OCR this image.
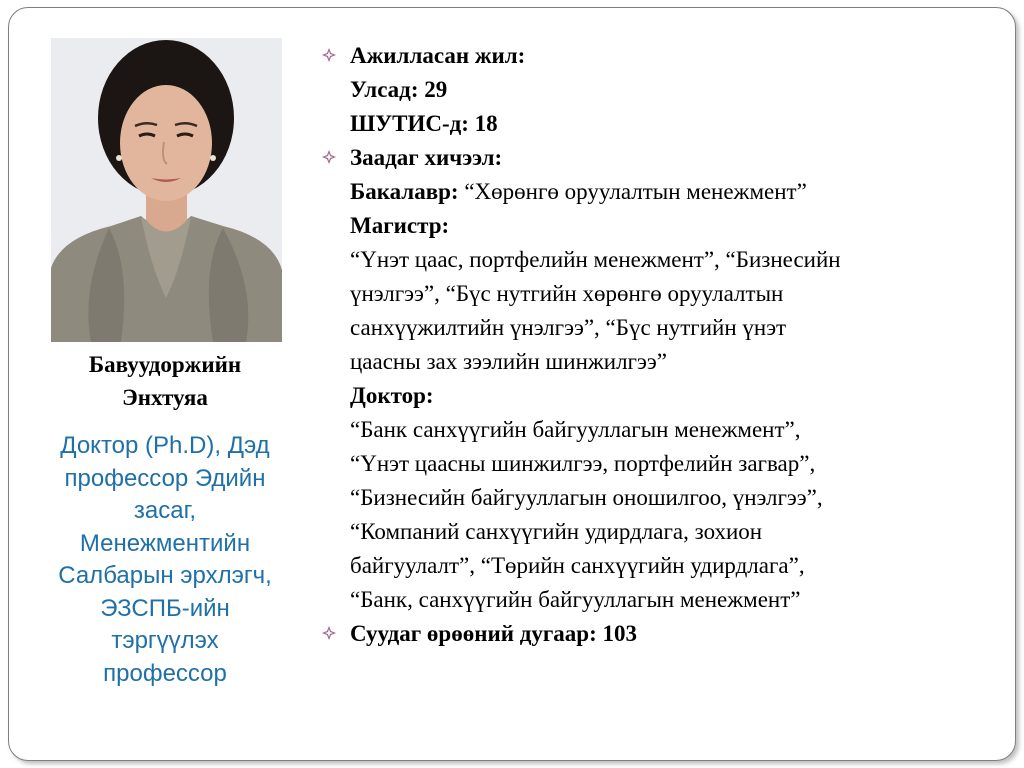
Бавуудоржийн
Энхтуяа
Доктор (Ph.D), Дэд
профессор Эдийн
засаг,
Менежментийн
Салбарын эрхлэгч,
ЭЗСПБ-ийн
тэргүүлэх
профессор
Ажилласан жил:
Улсад: 29
ШУТИС-д: 18
Заадаг хичээл:
Бакалавр: “Хөрөнгө оруулалтын менежмент”
Магистр:
“Үнэт цаас, портфелийн менежмент”, “Бизнесийн
үнэлгээ”, “Бүс нутгийн хөрөнгө оруулалтын
санхүүжилтийн үнэлгээ”, “Бүс нутгийн үнэт
цаасны зах зээлийн шинжилгээ”
Доктор:
“Банк санхүүгийн байгууллагын менежмент”,
“Үнэт цаасны шинжилгээ, портфелийн загвар”,
“Бизнесийн байгууллагын оношилгоо, үнэлгээ”,
“Компаний санхүүгийн удирдлага, зохион
байгуулалт”, “Төрийн санхүүгийн удирдлага”,
“Банк, санхүүгийн байгууллагын менежмент”
Суудаг өрөөний дугаар: 103
